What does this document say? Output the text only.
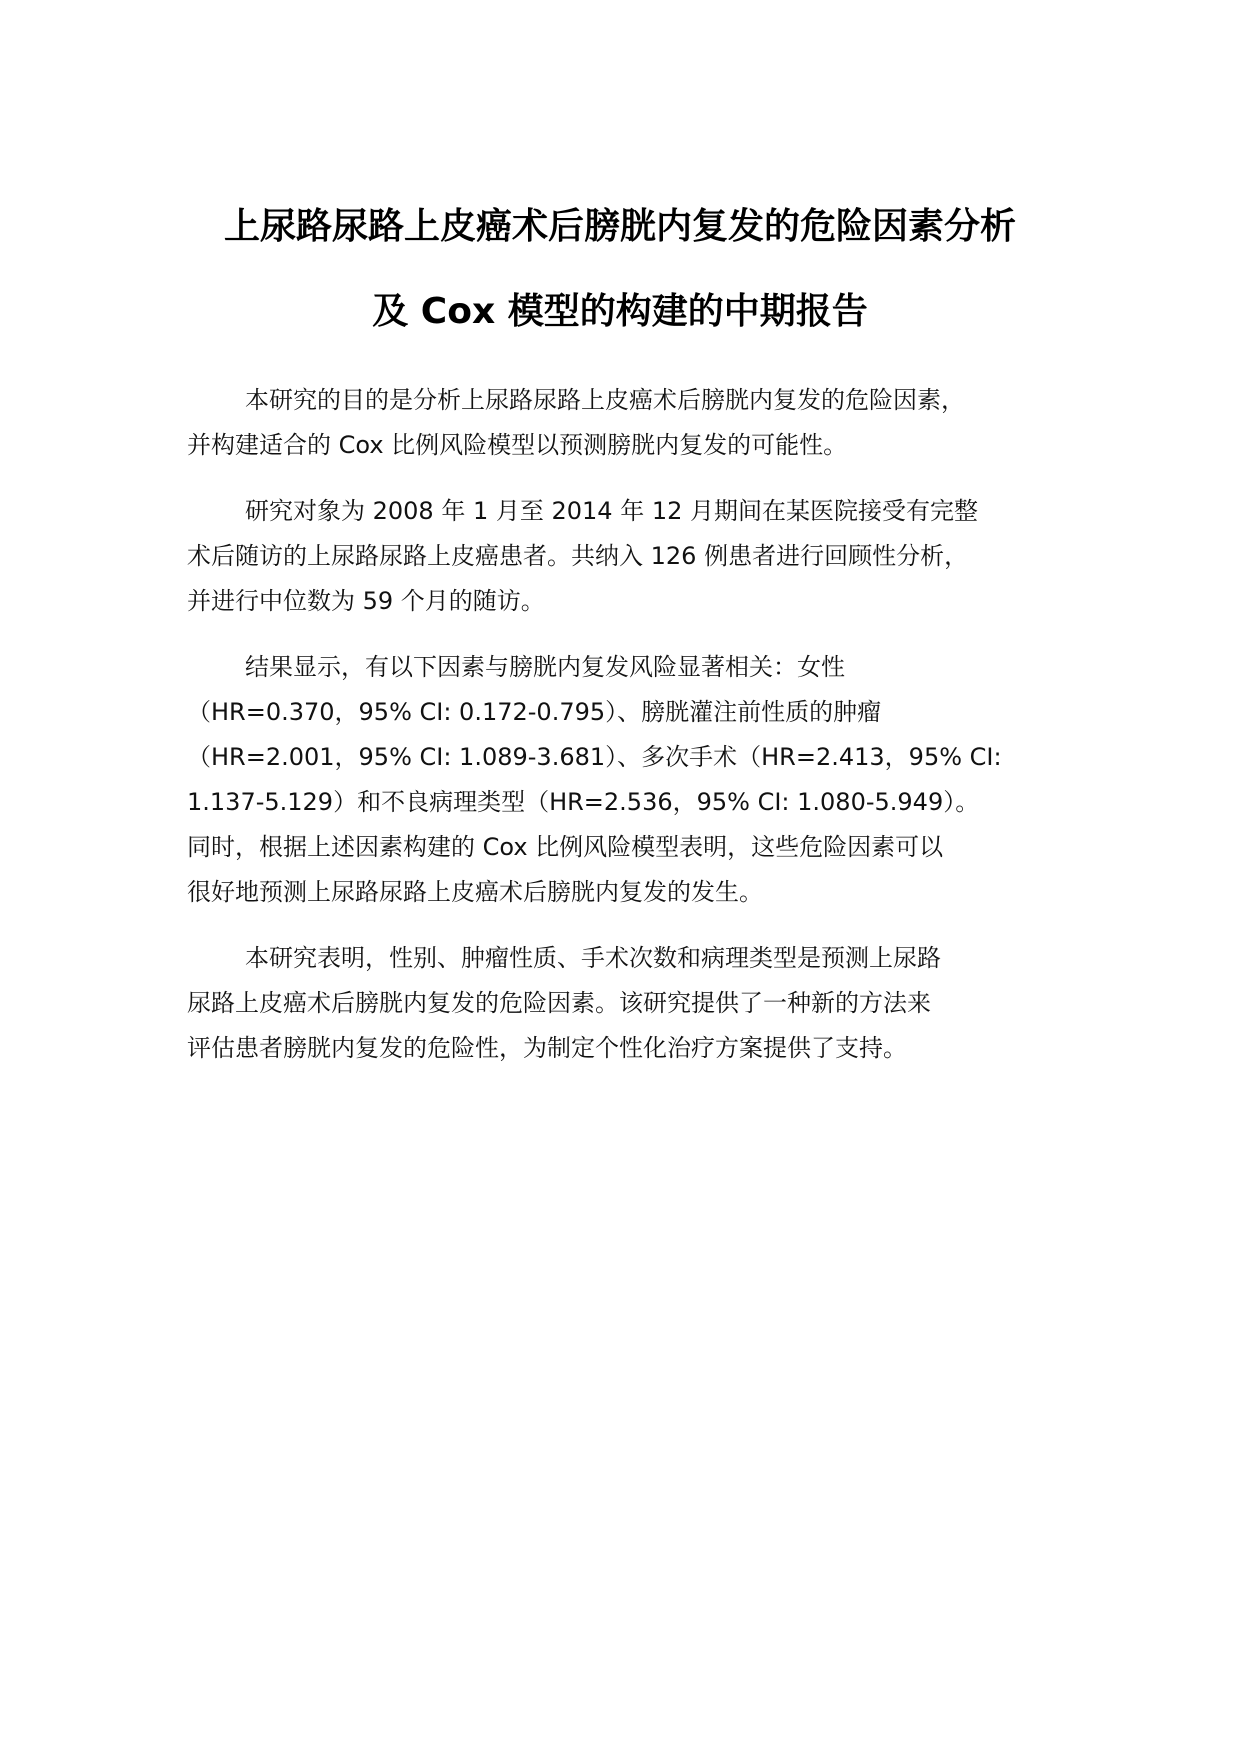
上尿路尿路上皮癌术后膀胱内复发的危险因素分析
及 Cox 模型的构建的中期报告

本研究的目的是分析上尿路尿路上皮癌术后膀胱内复发的危险因素，
并构建适合的 Cox 比例风险模型以预测膀胱内复发的可能性。

研究对象为 2008 年 1 月至 2014 年 12 月期间在某医院接受有完整
术后随访的上尿路尿路上皮癌患者。共纳入 126 例患者进行回顾性分析，
并进行中位数为 59 个月的随访。

结果显示，有以下因素与膀胱内复发风险显著相关：女性
（HR=0.370，95% CI: 0.172-0.795）、膀胱灌注前性质的肿瘤
（HR=2.001，95% CI: 1.089-3.681）、多次手术（HR=2.413，95% CI:
1.137-5.129）和不良病理类型（HR=2.536，95% CI: 1.080-5.949）。
同时，根据上述因素构建的 Cox 比例风险模型表明，这些危险因素可以
很好地预测上尿路尿路上皮癌术后膀胱内复发的发生。

本研究表明，性别、肿瘤性质、手术次数和病理类型是预测上尿路
尿路上皮癌术后膀胱内复发的危险因素。该研究提供了一种新的方法来
评估患者膀胱内复发的危险性，为制定个性化治疗方案提供了支持。
